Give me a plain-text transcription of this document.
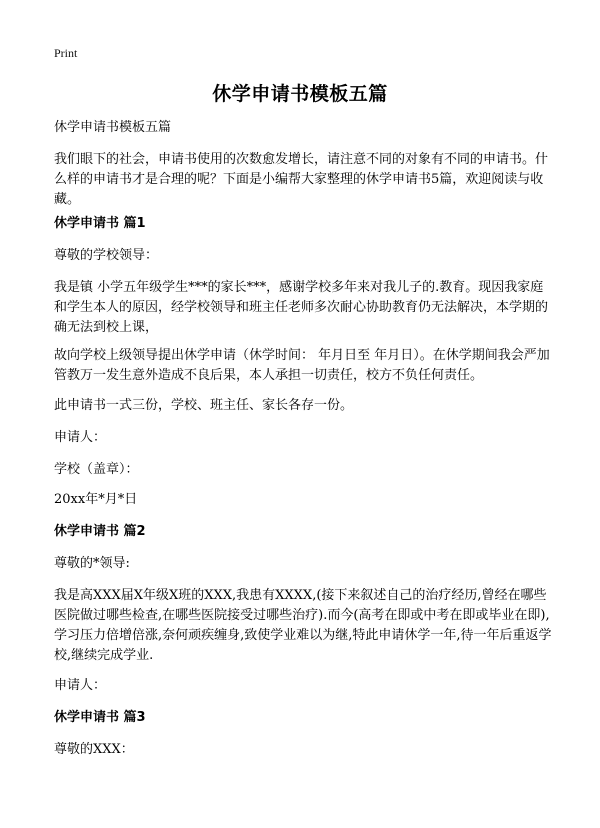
Print
休学申请书模板五篇

休学申请书模板五篇

我们眼下的社会，申请书使用的次数愈发增长，请注意不同的对象有不同的申请书。什么样的申请书才是合理的呢？下面是小编帮大家整理的休学申请书5篇，欢迎阅读与收藏。

休学申请书 篇1

尊敬的学校领导：

我是镇 小学五年级学生***的家长***，感谢学校多年来对我儿子的.教育。现因我家庭和学生本人的原因，经学校领导和班主任老师多次耐心协助教育仍无法解决，本学期的确无法到校上课，

故向学校上级领导提出休学申请（休学时间： 年月日至 年月日）。在休学期间我会严加管教万一发生意外造成不良后果，本人承担一切责任，校方不负任何责任。

此申请书一式三份，学校、班主任、家长各存一份。

申请人：

学校（盖章）：

20xx年*月*日

休学申请书 篇2

尊敬的*领导:

我是高XXX届X年级X班的XXX,我患有XXXX,(接下来叙述自己的治疗经历,曾经在哪些医院做过哪些检查,在哪些医院接受过哪些治疗).而今(高考在即或中考在即或毕业在即),学习压力倍增倍涨,奈何顽疾缠身,致使学业难以为继,特此申请休学一年,待一年后重返学校,继续完成学业.

申请人：

休学申请书 篇3

尊敬的XXX：
